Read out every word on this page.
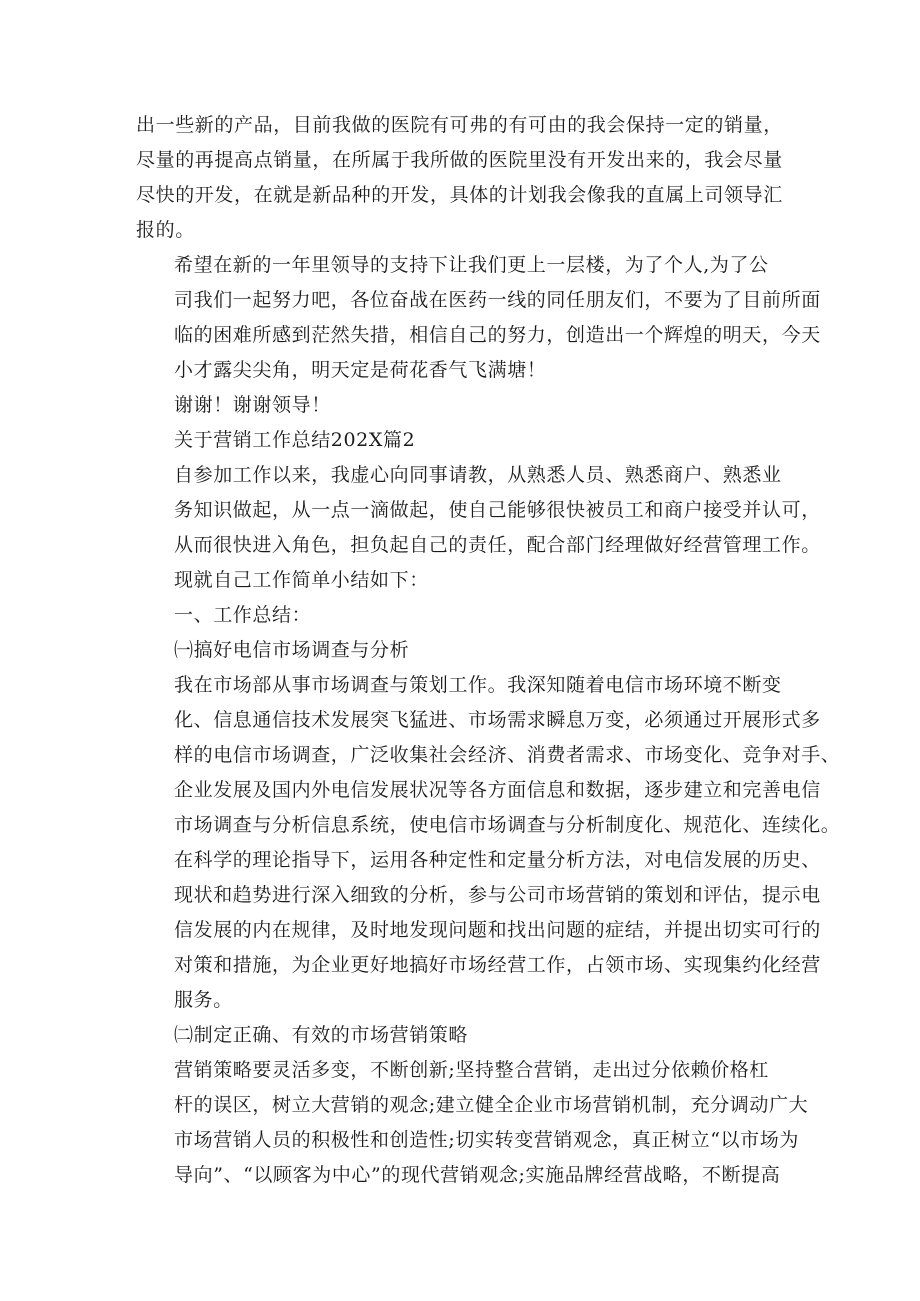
出一些新的产品，目前我做的医院有可弗的有可由的我会保持一定的销量，
尽量的再提高点销量，在所属于我所做的医院里没有开发出来的，我会尽量
尽快的开发，在就是新品种的开发，具体的计划我会像我的直属上司领导汇
报的。

希望在新的一年里领导的支持下让我们更上一层楼，为了个人,为了公
司我们一起努力吧，各位奋战在医药一线的同任朋友们，不要为了目前所面
临的困难所感到茫然失措，相信自己的努力，创造出一个辉煌的明天，今天
小才露尖尖角，明天定是荷花香气飞满塘！

谢谢！谢谢领导！

关于营销工作总结202X篇2

自参加工作以来，我虚心向同事请教，从熟悉人员、熟悉商户、熟悉业
务知识做起，从一点一滴做起，使自己能够很快被员工和商户接受并认可，
从而很快进入角色，担负起自己的责任，配合部门经理做好经营管理工作。
现就自己工作简单小结如下：

一、工作总结：

㈠搞好电信市场调查与分析

我在市场部从事市场调查与策划工作。我深知随着电信市场环境不断变
化、信息通信技术发展突飞猛进、市场需求瞬息万变，必须通过开展形式多
样的电信市场调查，广泛收集社会经济、消费者需求、市场变化、竞争对手、
企业发展及国内外电信发展状况等各方面信息和数据，逐步建立和完善电信
市场调查与分析信息系统，使电信市场调查与分析制度化、规范化、连续化。
在科学的理论指导下，运用各种定性和定量分析方法，对电信发展的历史、
现状和趋势进行深入细致的分析，参与公司市场营销的策划和评估，提示电
信发展的内在规律，及时地发现问题和找出问题的症结，并提出切实可行的
对策和措施，为企业更好地搞好市场经营工作，占领市场、实现集约化经营
服务。

㈡制定正确、有效的市场营销策略

营销策略要灵活多变，不断创新;坚持整合营销，走出过分依赖价格杠
杆的误区，树立大营销的观念;建立健全企业市场营销机制，充分调动广大
市场营销人员的积极性和创造性;切实转变营销观念，真正树立“以市场为
导向”、“以顾客为中心”的现代营销观念;实施品牌经营战略，不断提高
